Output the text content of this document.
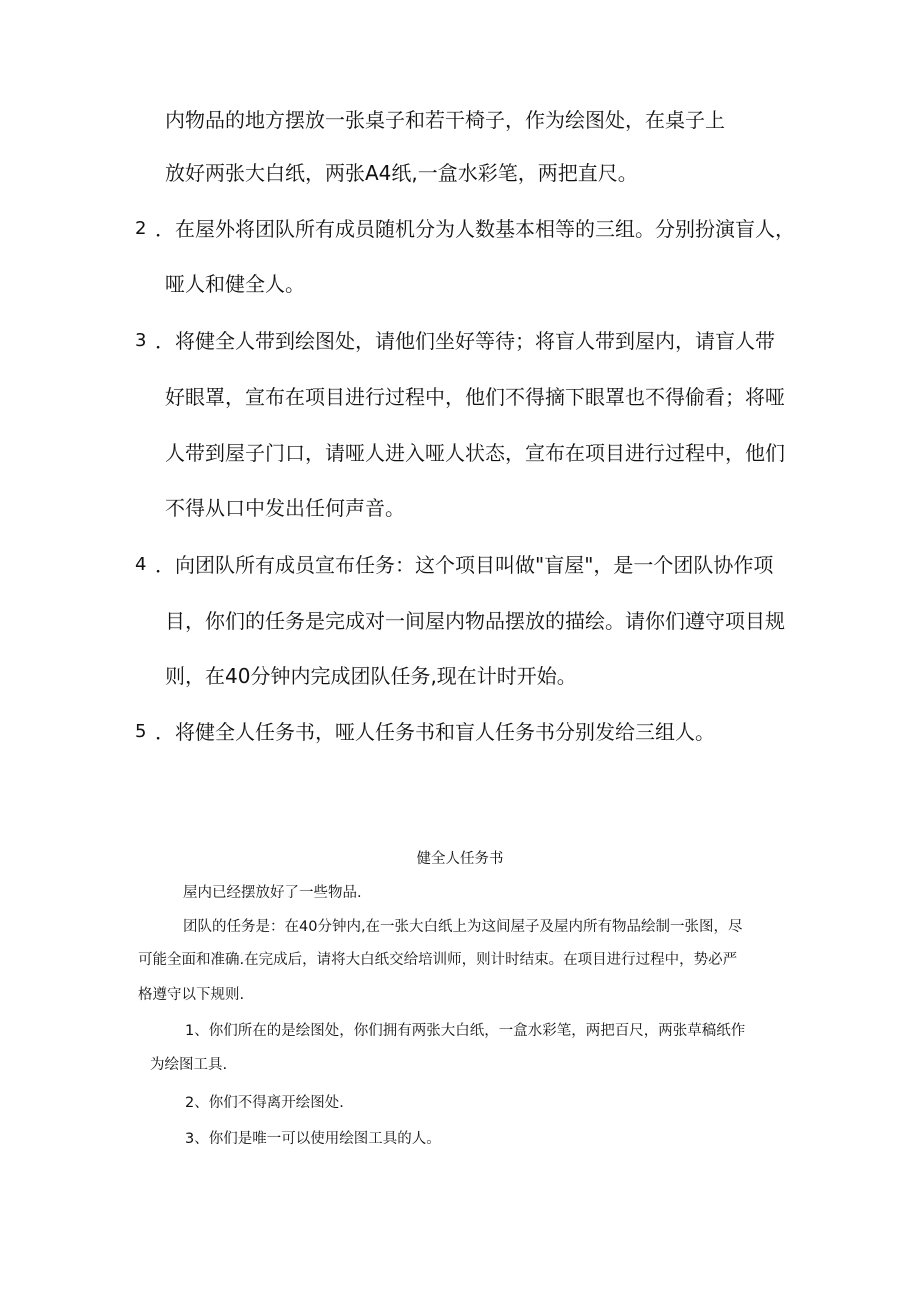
内物品的地方摆放一张桌子和若干椅子，作为绘图处，在桌子上
放好两张大白纸，两张A4纸,一盒水彩笔，两把直尺。
2 ．在屋外将团队所有成员随机分为人数基本相等的三组。分别扮演盲人，
哑人和健全人。
3 ．将健全人带到绘图处，请他们坐好等待；将盲人带到屋内，请盲人带
好眼罩，宣布在项目进行过程中，他们不得摘下眼罩也不得偷看；将哑
人带到屋子门口，请哑人进入哑人状态，宣布在项目进行过程中，他们
不得从口中发出任何声音。
4 ．向团队所有成员宣布任务：这个项目叫做"盲屋"，是一个团队协作项
目，你们的任务是完成对一间屋内物品摆放的描绘。请你们遵守项目规
则，在40分钟内完成团队任务,现在计时开始。
5 ．将健全人任务书，哑人任务书和盲人任务书分别发给三组人。
健全人任务书
屋内已经摆放好了一些物品.
团队的任务是：在40分钟内,在一张大白纸上为这间屋子及屋内所有物品绘制一张图，尽
可能全面和准确.在完成后，请将大白纸交给培训师，则计时结束。在项目进行过程中，势必严
格遵守以下规则.
1、你们所在的是绘图处，你们拥有两张大白纸，一盒水彩笔，两把百尺，两张草稿纸作
为绘图工具.
2、你们不得离开绘图处.
3、你们是唯一可以使用绘图工具的人。
